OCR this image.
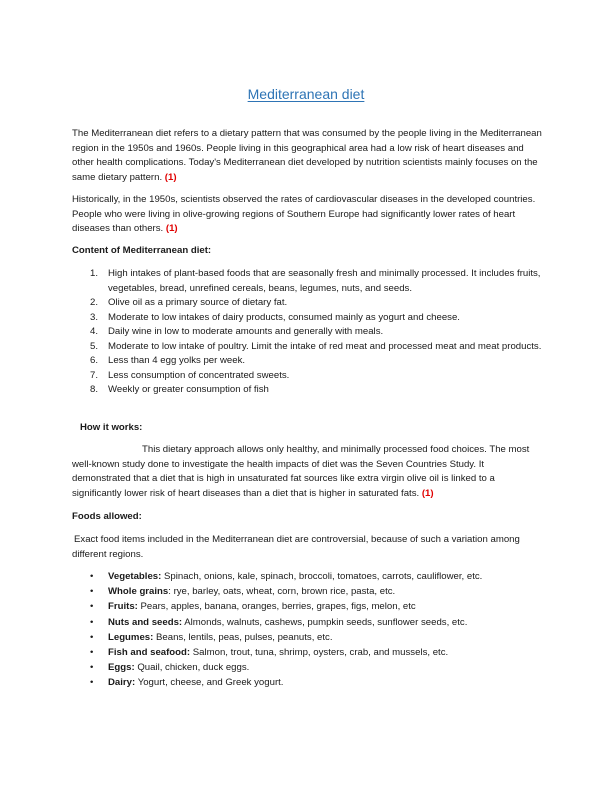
Mediterranean diet
The Mediterranean diet refers to a dietary pattern that was consumed by the people living in the Mediterranean region in the 1950s and 1960s. People living in this geographical area had a low risk of heart diseases and other health complications. Today's Mediterranean diet developed by nutrition scientists mainly focuses on the same dietary pattern. (1)
Historically, in the 1950s, scientists observed the rates of cardiovascular diseases in the developed countries. People who were living in olive-growing regions of Southern Europe had significantly lower rates of heart diseases than others. (1)
Content of Mediterranean diet:
1. High intakes of plant-based foods that are seasonally fresh and minimally processed. It includes fruits, vegetables, bread, unrefined cereals, beans, legumes, nuts, and seeds.
2. Olive oil as a primary source of dietary fat.
3. Moderate to low intakes of dairy products, consumed mainly as yogurt and cheese.
4. Daily wine in low to moderate amounts and generally with meals.
5. Moderate to low intake of poultry. Limit the intake of red meat and processed meat and meat products.
6. Less than 4 egg yolks per week.
7. Less consumption of concentrated sweets.
8. Weekly or greater consumption of fish
How it works:
This dietary approach allows only healthy, and minimally processed food choices. The most well-known study done to investigate the health impacts of diet was the Seven Countries Study. It demonstrated that a diet that is high in unsaturated fat sources like extra virgin olive oil is linked to a significantly lower risk of heart diseases than a diet that is higher in saturated fats. (1)
Foods allowed:
Exact food items included in the Mediterranean diet are controversial, because of such a variation among different regions.
• Vegetables: Spinach, onions, kale, spinach, broccoli, tomatoes, carrots, cauliflower, etc.
• Whole grains: rye, barley, oats, wheat, corn, brown rice, pasta, etc.
• Fruits: Pears, apples, banana, oranges, berries, grapes, figs, melon, etc
• Nuts and seeds: Almonds, walnuts, cashews, pumpkin seeds, sunflower seeds, etc.
• Legumes: Beans, lentils, peas, pulses, peanuts, etc.
• Fish and seafood: Salmon, trout, tuna, shrimp, oysters, crab, and mussels, etc.
• Eggs: Quail, chicken, duck eggs.
• Dairy: Yogurt, cheese, and Greek yogurt.
